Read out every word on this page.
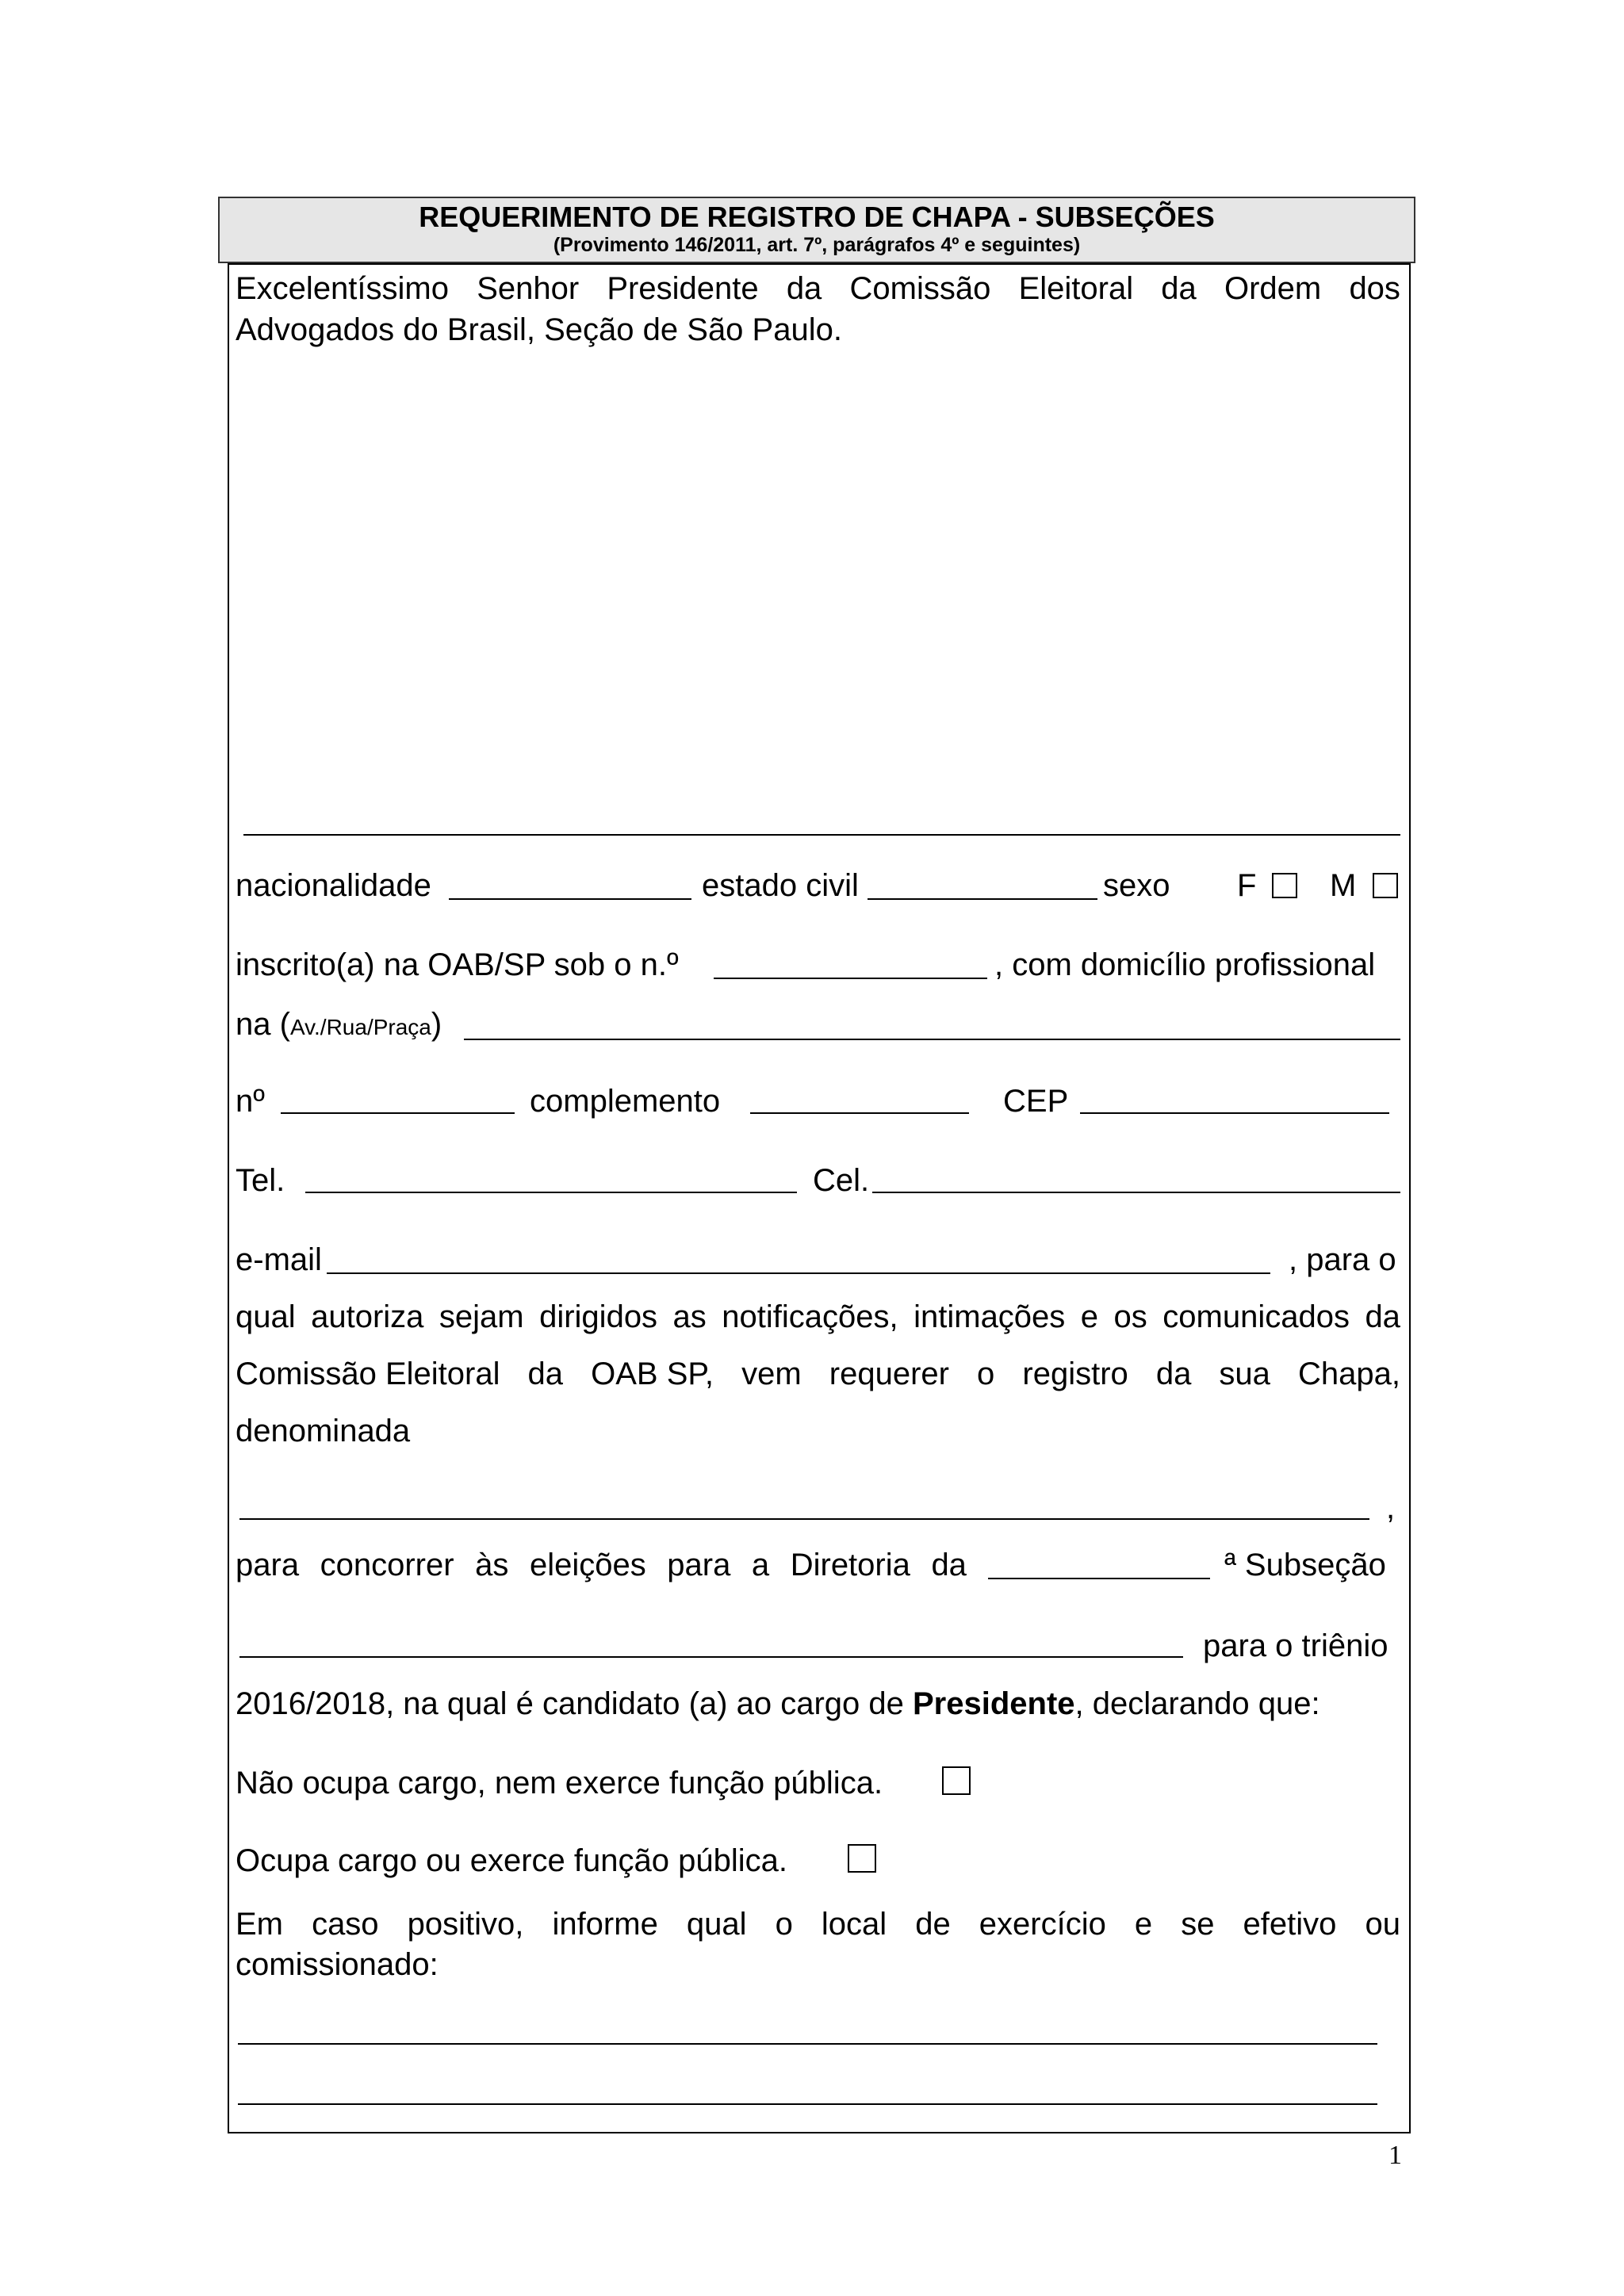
REQUERIMENTO DE REGISTRO DE CHAPA - SUBSEÇÕES
(Provimento 146/2011, art. 7º, parágrafos 4º e seguintes)
Excelentíssimo Senhor Presidente da Comissão Eleitoral da Ordem dos
Advogados do Brasil, Seção de São Paulo.
nacionalidade	estado civil	sexo F M
inscrito(a) na OAB/SP sob o n.º	, com domicílio profissional
na (Av./Rua/Praça)
nº	complemento	CEP
Tel.	Cel.
e-mail	, para o
qual autoriza sejam dirigidos as notificações, intimações e os comunicados da
Comissão Eleitoral da OAB SP, vem requerer o registro da sua Chapa,
denominada
,
para concorrer às eleições para a Diretoria da	ª Subseção
para o triênio
2016/2018, na qual é candidato (a) ao cargo de Presidente, declarando que:
Não ocupa cargo, nem exerce função pública.
Ocupa cargo ou exerce função pública.
Em caso positivo, informe qual o local de exercício e se efetivo ou
comissionado:
1
